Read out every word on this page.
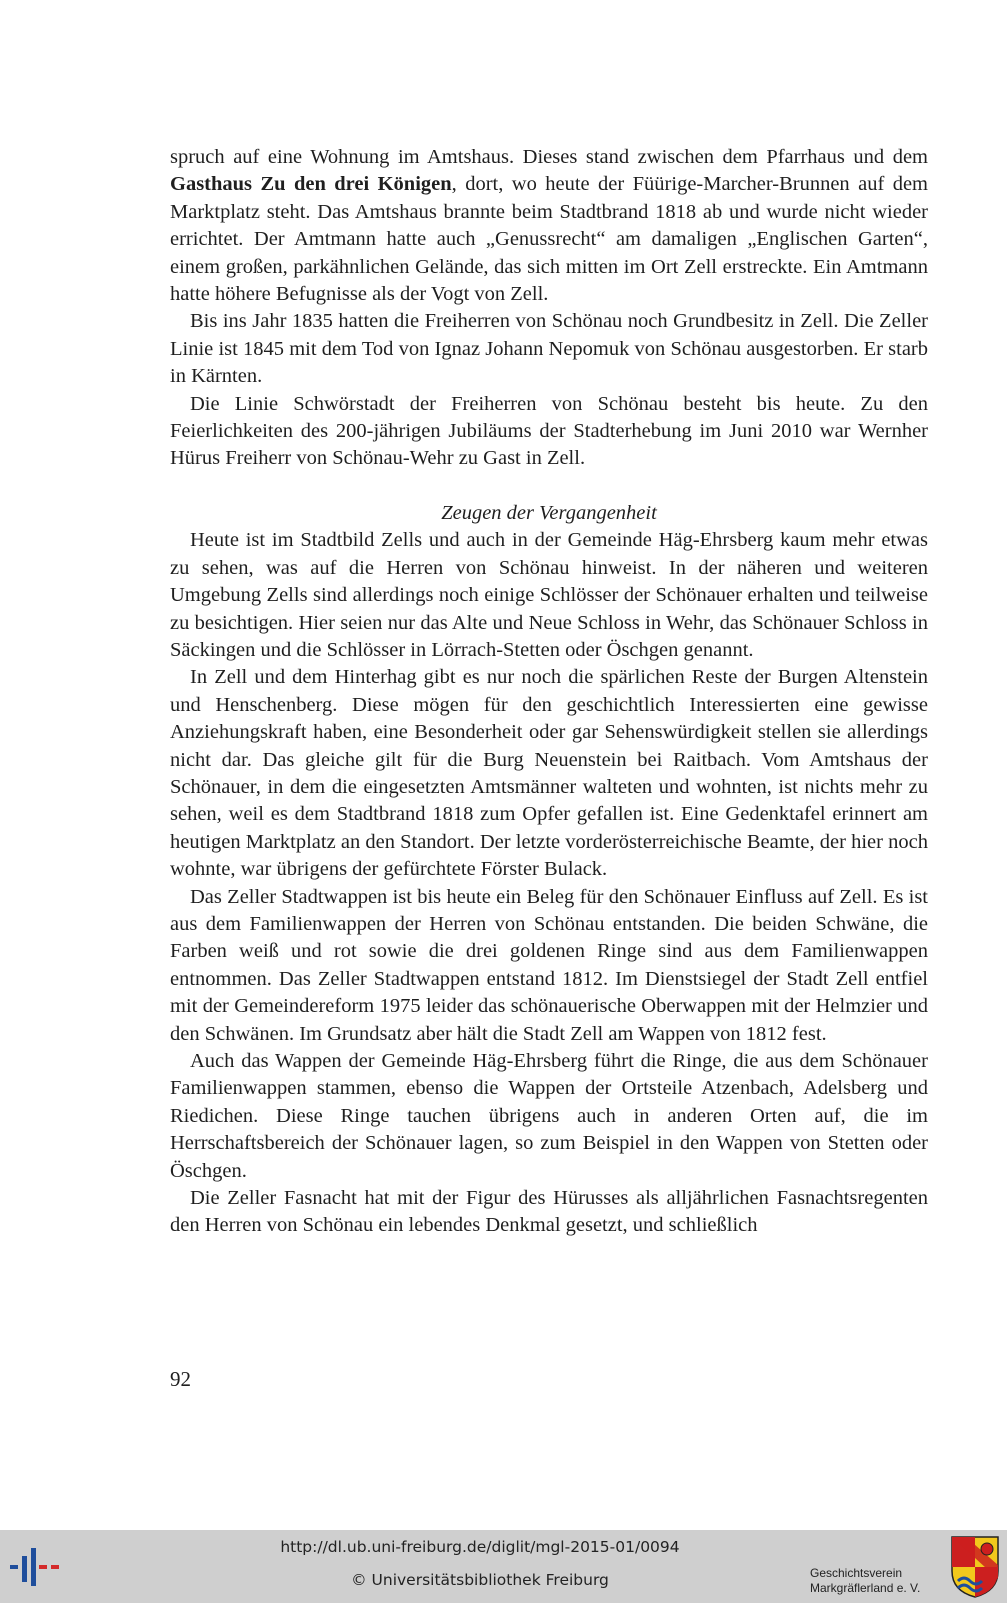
spruch auf eine Wohnung im Amtshaus. Dieses stand zwischen dem Pfarrhaus und dem Gasthaus Zu den drei Königen, dort, wo heute der Füürige-Marcher-Brunnen auf dem Marktplatz steht. Das Amtshaus brannte beim Stadtbrand 1818 ab und wurde nicht wieder errichtet. Der Amtmann hatte auch „Genussrecht“ am damaligen „Englischen Garten“, einem großen, parkähnlichen Gelände, das sich mitten im Ort Zell erstreckte. Ein Amtmann hatte höhere Befugnisse als der Vogt von Zell.

Bis ins Jahr 1835 hatten die Freiherren von Schönau noch Grundbesitz in Zell. Die Zeller Linie ist 1845 mit dem Tod von Ignaz Johann Nepomuk von Schönau ausgestorben. Er starb in Kärnten.

Die Linie Schwörstadt der Freiherren von Schönau besteht bis heute. Zu den Feierlichkeiten des 200-jährigen Jubiläums der Stadterhebung im Juni 2010 war Wernher Hürus Freiherr von Schönau-Wehr zu Gast in Zell.

Zeugen der Vergangenheit

Heute ist im Stadtbild Zells und auch in der Gemeinde Häg-Ehrsberg kaum mehr etwas zu sehen, was auf die Herren von Schönau hinweist. In der näheren und weiteren Umgebung Zells sind allerdings noch einige Schlösser der Schönauer erhalten und teilweise zu besichtigen. Hier seien nur das Alte und Neue Schloss in Wehr, das Schönauer Schloss in Säckingen und die Schlösser in Lörrach-Stetten oder Öschgen genannt.

In Zell und dem Hinterhag gibt es nur noch die spärlichen Reste der Burgen Altenstein und Henschenberg. Diese mögen für den geschichtlich Interessierten eine gewisse Anziehungskraft haben, eine Besonderheit oder gar Sehenswürdigkeit stellen sie allerdings nicht dar. Das gleiche gilt für die Burg Neuenstein bei Raitbach. Vom Amtshaus der Schönauer, in dem die eingesetzten Amtsmänner walteten und wohnten, ist nichts mehr zu sehen, weil es dem Stadtbrand 1818 zum Opfer gefallen ist. Eine Gedenktafel erinnert am heutigen Marktplatz an den Standort. Der letzte vorderösterreichische Beamte, der hier noch wohnte, war übrigens der gefürchtete Förster Bulack.

Das Zeller Stadtwappen ist bis heute ein Beleg für den Schönauer Einfluss auf Zell. Es ist aus dem Familienwappen der Herren von Schönau entstanden. Die beiden Schwäne, die Farben weiß und rot sowie die drei goldenen Ringe sind aus dem Familienwappen entnommen. Das Zeller Stadtwappen entstand 1812. Im Dienstsiegel der Stadt Zell entfiel mit der Gemeindereform 1975 leider das schönauerische Oberwappen mit der Helmzier und den Schwänen. Im Grundsatz aber hält die Stadt Zell am Wappen von 1812 fest.

Auch das Wappen der Gemeinde Häg-Ehrsberg führt die Ringe, die aus dem Schönauer Familienwappen stammen, ebenso die Wappen der Ortsteile Atzenbach, Adelsberg und Riedichen. Diese Ringe tauchen übrigens auch in anderen Orten auf, die im Herrschaftsbereich der Schönauer lagen, so zum Beispiel in den Wappen von Stetten oder Öschgen.

Die Zeller Fasnacht hat mit der Figur des Hürusses als alljährlichen Fasnachtsregenten den Herren von Schönau ein lebendes Denkmal gesetzt, und schließlich

92
http://dl.ub.uni-freiburg.de/diglit/mgl-2015-01/0094
© Universitätsbibliothek Freiburg	Geschichtsverein
Markgräflerland e. V.
